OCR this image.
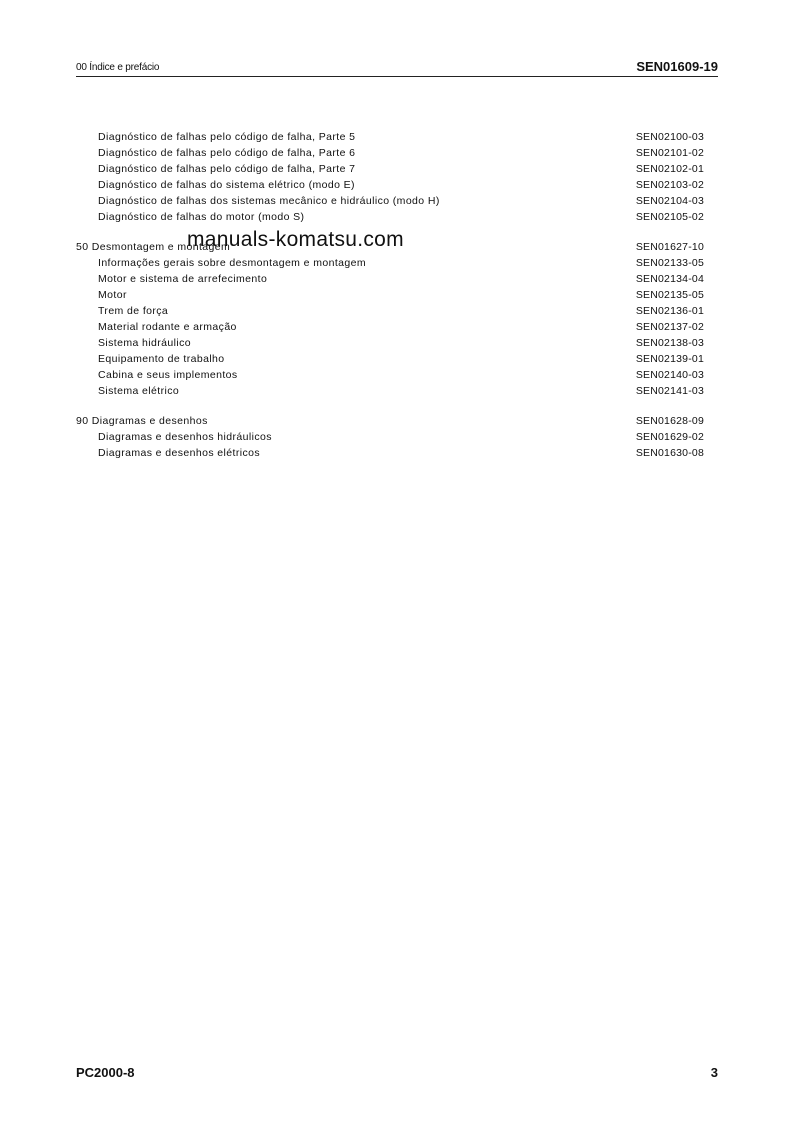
00 Índice e prefácio	SEN01609-19
Diagnóstico de falhas pelo código de falha, Parte 5	SEN02100-03
Diagnóstico de falhas pelo código de falha, Parte 6	SEN02101-02
Diagnóstico de falhas pelo código de falha, Parte 7	SEN02102-01
Diagnóstico de falhas do sistema elétrico (modo E)	SEN02103-02
Diagnóstico de falhas dos sistemas mecânico e hidráulico (modo H)	SEN02104-03
Diagnóstico de falhas do motor (modo S)	SEN02105-02
50 Desmontagem e montagem	SEN01627-10
Informações gerais sobre desmontagem e montagem	SEN02133-05
Motor e sistema de arrefecimento	SEN02134-04
Motor	SEN02135-05
Trem de força	SEN02136-01
Material rodante e armação	SEN02137-02
Sistema hidráulico	SEN02138-03
Equipamento de trabalho	SEN02139-01
Cabina e seus implementos	SEN02140-03
Sistema elétrico	SEN02141-03
90 Diagramas e desenhos	SEN01628-09
Diagramas e desenhos hidráulicos	SEN01629-02
Diagramas e desenhos elétricos	SEN01630-08
manuals-komatsu.com
PC2000-8	3
